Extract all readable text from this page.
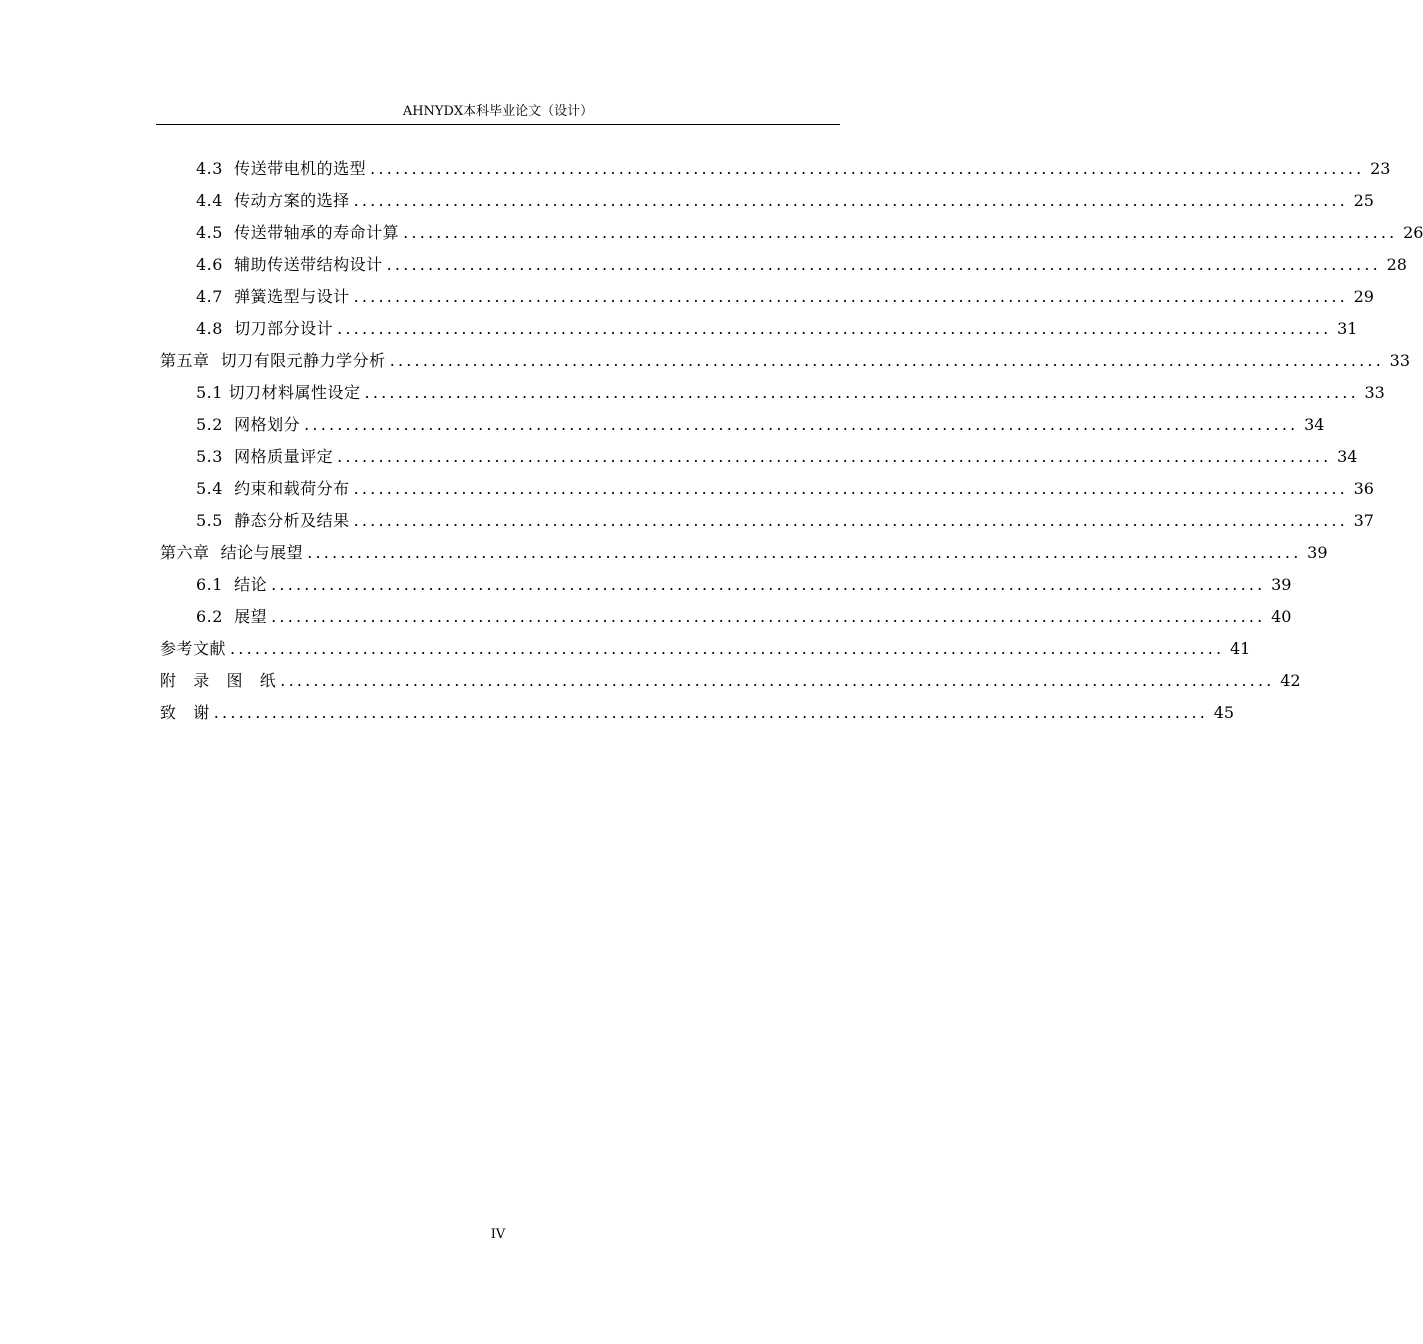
AHNYDX本科毕业论文（设计）
4.3  传送带电机的选型 ........................................................................................................................ 23
4.4  传动方案的选择 ........................................................................................................................ 25
4.5  传送带轴承的寿命计算 ........................................................................................................................ 26
4.6  辅助传送带结构设计 ........................................................................................................................ 28
4.7  弹簧选型与设计 ........................................................................................................................ 29
4.8  切刀部分设计 ........................................................................................................................ 31
第五章  切刀有限元静力学分析 ........................................................................................................................ 33
5.1 切刀材料属性设定 ........................................................................................................................ 33
5.2  网格划分 ........................................................................................................................ 34
5.3  网格质量评定 ........................................................................................................................ 34
5.4  约束和载荷分布 ........................................................................................................................ 36
5.5  静态分析及结果 ........................................................................................................................ 37
第六章  结论与展望 ........................................................................................................................ 39
6.1  结论 ........................................................................................................................ 39
6.2  展望 ........................................................................................................................ 40
参考文献 ........................................................................................................................ 41
附   录   图   纸 ........................................................................................................................ 42
致   谢 ........................................................................................................................ 45
IV
